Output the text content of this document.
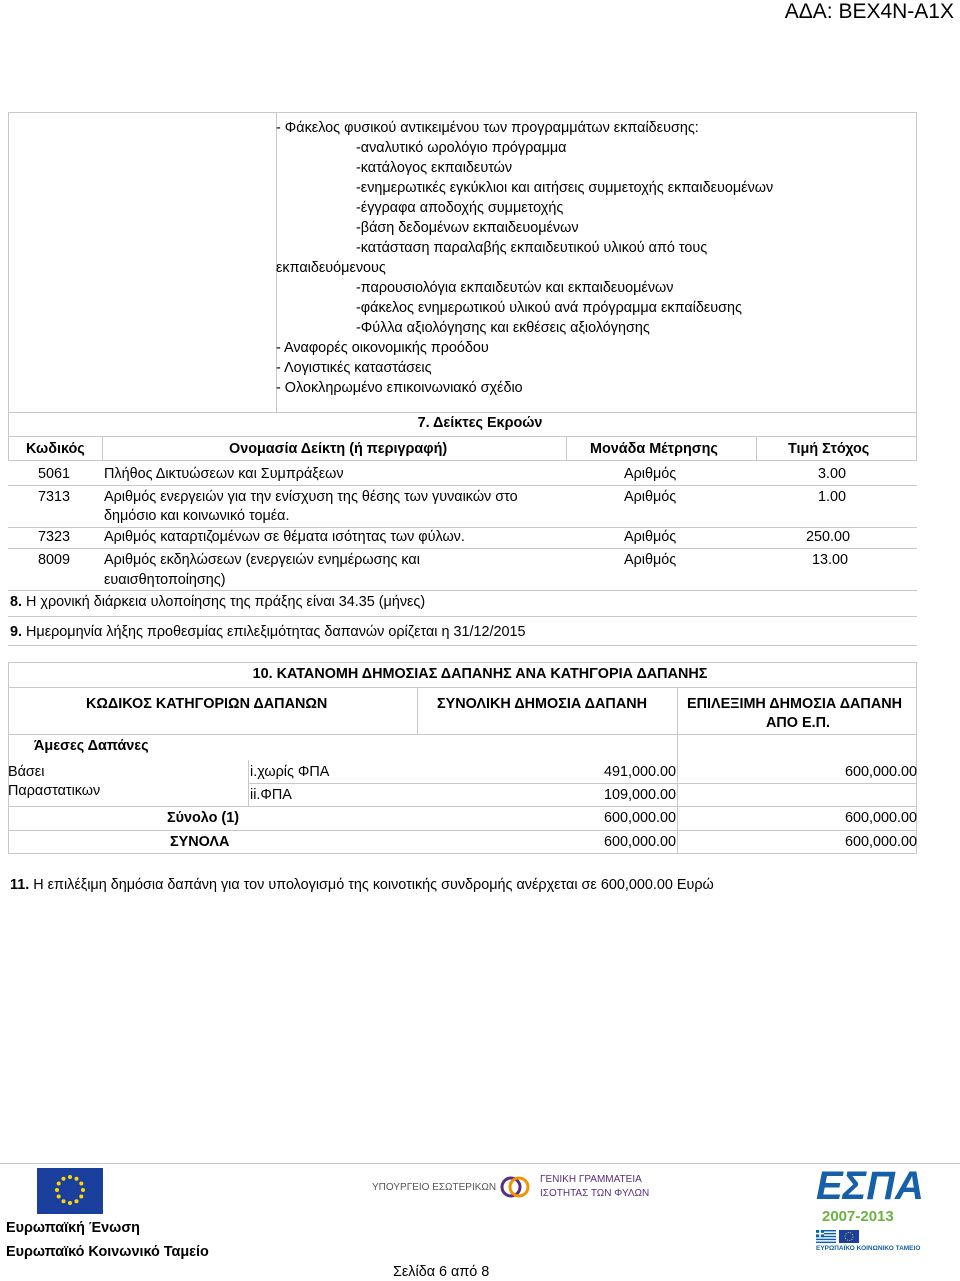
ΑΔΑ: ΒΕΧ4Ν-Α1Χ
- Φάκελος φυσικού αντικειμένου των προγραμμάτων εκπαίδευσης:
-αναλυτικό ωρολόγιο πρόγραμμα
-κατάλογος εκπαιδευτών
-ενημερωτικές εγκύκλιοι και αιτήσεις συμμετοχής εκπαιδευομένων
-έγγραφα αποδοχής συμμετοχής
-βάση δεδομένων εκπαιδευομένων
-κατάσταση παραλαβής εκπαιδευτικού υλικού από τους
εκπαιδευόμενους
-παρουσιολόγια εκπαιδευτών και εκπαιδευομένων
-φάκελος ενημερωτικού υλικού ανά πρόγραμμα εκπαίδευσης
-Φύλλα αξιολόγησης και εκθέσεις αξιολόγησης
- Αναφορές οικονομικής προόδου
- Λογιστικές καταστάσεις
- Ολοκληρωμένο επικοινωνιακό σχέδιο
7. Δείκτες Εκροών
Κωδικός	Ονομασία Δείκτη (ή περιγραφή)	Μονάδα Μέτρησης	Τιμή Στόχος
5061 Πλήθος Δικτυώσεων και Συμπράξεων	Αριθμός	3.00
7313 Αριθμός ενεργειών για την ενίσχυση της θέσης των γυναικών στο
δημόσιο και κοινωνικό τομέα.
Αριθμός	1.00
7323 Αριθμός καταρτιζομένων σε θέματα ισότητας των φύλων.	Αριθμός	250.00
8009 Αριθμός εκδηλώσεων (ενεργειών ενημέρωσης και
ευαισθητοποίησης)
Αριθμός	13.00
8. Η χρονική διάρκεια υλοποίησης της πράξης είναι 34.35 (μήνες)
9. Ημερομηνία λήξης προθεσμίας επιλεξιμότητας δαπανών ορίζεται η 31/12/2015
10. ΚΑΤΑΝΟΜΗ ΔΗΜΟΣΙΑΣ ΔΑΠΑΝΗΣ ΑΝΑ ΚΑΤΗΓΟΡΙΑ ΔΑΠΑΝΗΣ
ΚΩΔΙΚΟΣ ΚΑΤΗΓΟΡΙΩΝ ΔΑΠΑΝΩΝ	ΣΥΝΟΛΙΚΗ ΔΗΜΟΣΙΑ ΔΑΠΑΝΗ	ΕΠΙΛΕΞΙΜΗ ΔΗΜΟΣΙΑ ΔΑΠΑΝΗ
ΑΠΟ Ε.Π.
Άμεσες Δαπάνες
Βάσει
Παραστατικων
i.χωρίς ΦΠΑ	491,000.00	600,000.00
ii.ΦΠΑ	109,000.00
Σύνολο (1)	600,000.00	600,000.00
ΣΥΝΟΛΑ	600,000.00	600,000.00
11. Η επιλέξιμη δημόσια δαπάνη για τον υπολογισμό της κοινοτικής συνδρομής ανέρχεται σε 600,000.00 Ευρώ
Ευρωπαϊκή Ένωση
Ευρωπαϊκό Κοινωνικό Ταμείο
ΥΠΟΥΡΓΕΙΟ ΕΣΩΤΕΡΙΚΩΝ
ΓΕΝΙΚΗ ΓΡΑΜΜΑΤΕΙΑ
ΙΣΟΤΗΤΑΣ ΤΩΝ ΦΥΛΩΝ	ΕΣΠΑ
2007-2013
ΕΥΡΩΠΑΪΚΟ ΚΟΙΝΩΝΙΚΟ ΤΑΜΕΙΟ
Σελίδα 6 από 8
